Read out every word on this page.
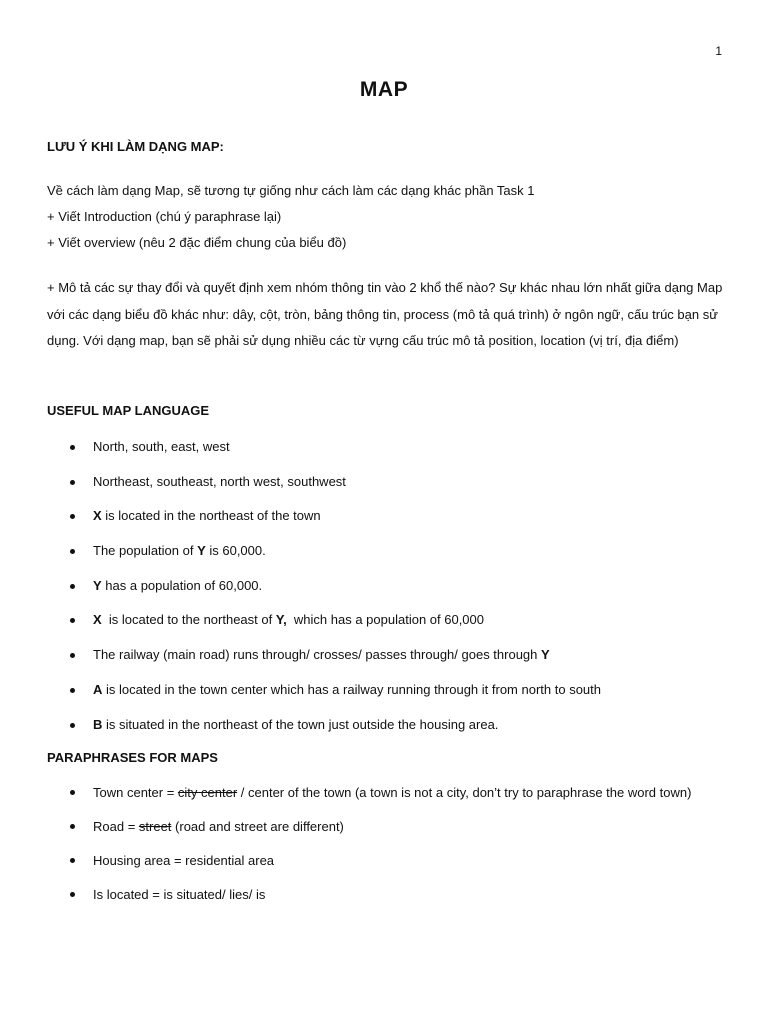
1
MAP
LƯU Ý KHI LÀM DẠNG MAP:

Về cách làm dạng Map, sẽ tương tự giống như cách làm các dạng khác phần Task 1

+ Viết Introduction (chú ý paraphrase lại)

+ Viết overview (nêu 2 đặc điểm chung của biểu đồ)

+ Mô tả các sự thay đổi và quyết định xem nhóm thông tin vào 2 khổ thế nào? Sự khác nhau lớn nhất giữa dạng Map với các dạng biểu đồ khác như: dây, cột, tròn, bảng thông tin, process (mô tả quá trình) ở ngôn ngữ, cấu trúc bạn sử dụng. Với dạng map, bạn sẽ phải sử dụng nhiều các từ vựng cấu trúc mô tả position, location (vị trí, địa điểm)

USEFUL MAP LANGUAGE
North, south, east, west
Northeast, southeast, north west, southwest
X is located in the northeast of the town
The population of Y is 60,000.
Y has a population of 60,000.
X  is located to the northeast of Y,  which has a population of 60,000
The railway (main road) runs through/ crosses/ passes through/ goes through Y
A is located in the town center which has a railway running through it from north to south
B is situated in the northeast of the town just outside the housing area.
PARAPHRASES FOR MAPS
Town center = city center / center of the town (a town is not a city, don’t try to paraphrase the word town)
Road = street (road and street are different)
Housing area = residential area
Is located = is situated/ lies/ is
